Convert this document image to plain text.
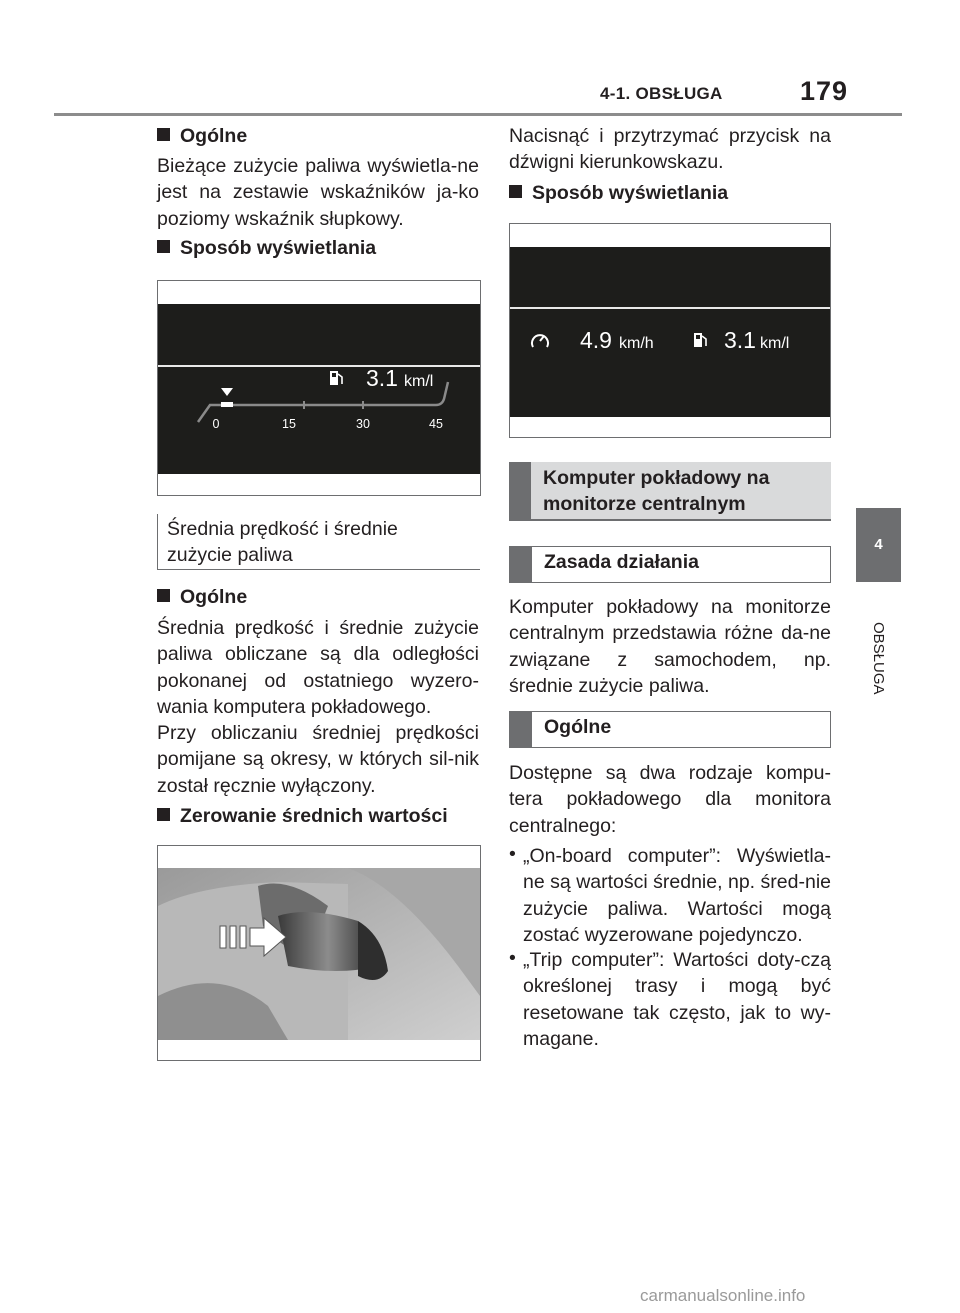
4-1. OBSŁUGA	179
4
OBSŁUGA
Ogólne
Bieżące zużycie paliwa wyświetla-ne jest na zestawie wskaźników ja-ko poziomy wskaźnik słupkowy.
Sposób wyświetlania
0	15	30	45
3.1 km/l
Średnia prędkość i średnie zużycie paliwa
Ogólne
Średnia prędkość i średnie zużycie paliwa obliczane są dla odległości pokonanej od ostatniego wyzero-wania komputera pokładowego.
Przy obliczaniu średniej prędkości pomijane są okresy, w których sil-nik został ręcznie wyłączony.
Zerowanie średnich wartości
Nacisnąć i przytrzymać przycisk na dźwigni kierunkowskazu.
Sposób wyświetlania
4.9 km/h	3.1 km/l
Komputer pokładowy na monitorze centralnym
Zasada działania
Komputer pokładowy na monitorze centralnym przedstawia różne da-ne związane z samochodem, np. średnie zużycie paliwa.
Ogólne
Dostępne są dwa rodzaje kompu-tera pokładowego dla monitora centralnego:
• „On-board computer”: Wyświetla-ne są wartości średnie, np. śred-nie zużycie paliwa. Wartości mogą zostać wyzerowane pojedynczo.
• „Trip computer”: Wartości doty-czą określonej trasy i mogą być resetowane tak często, jak to wy-magane.
carmanualsonline.info
